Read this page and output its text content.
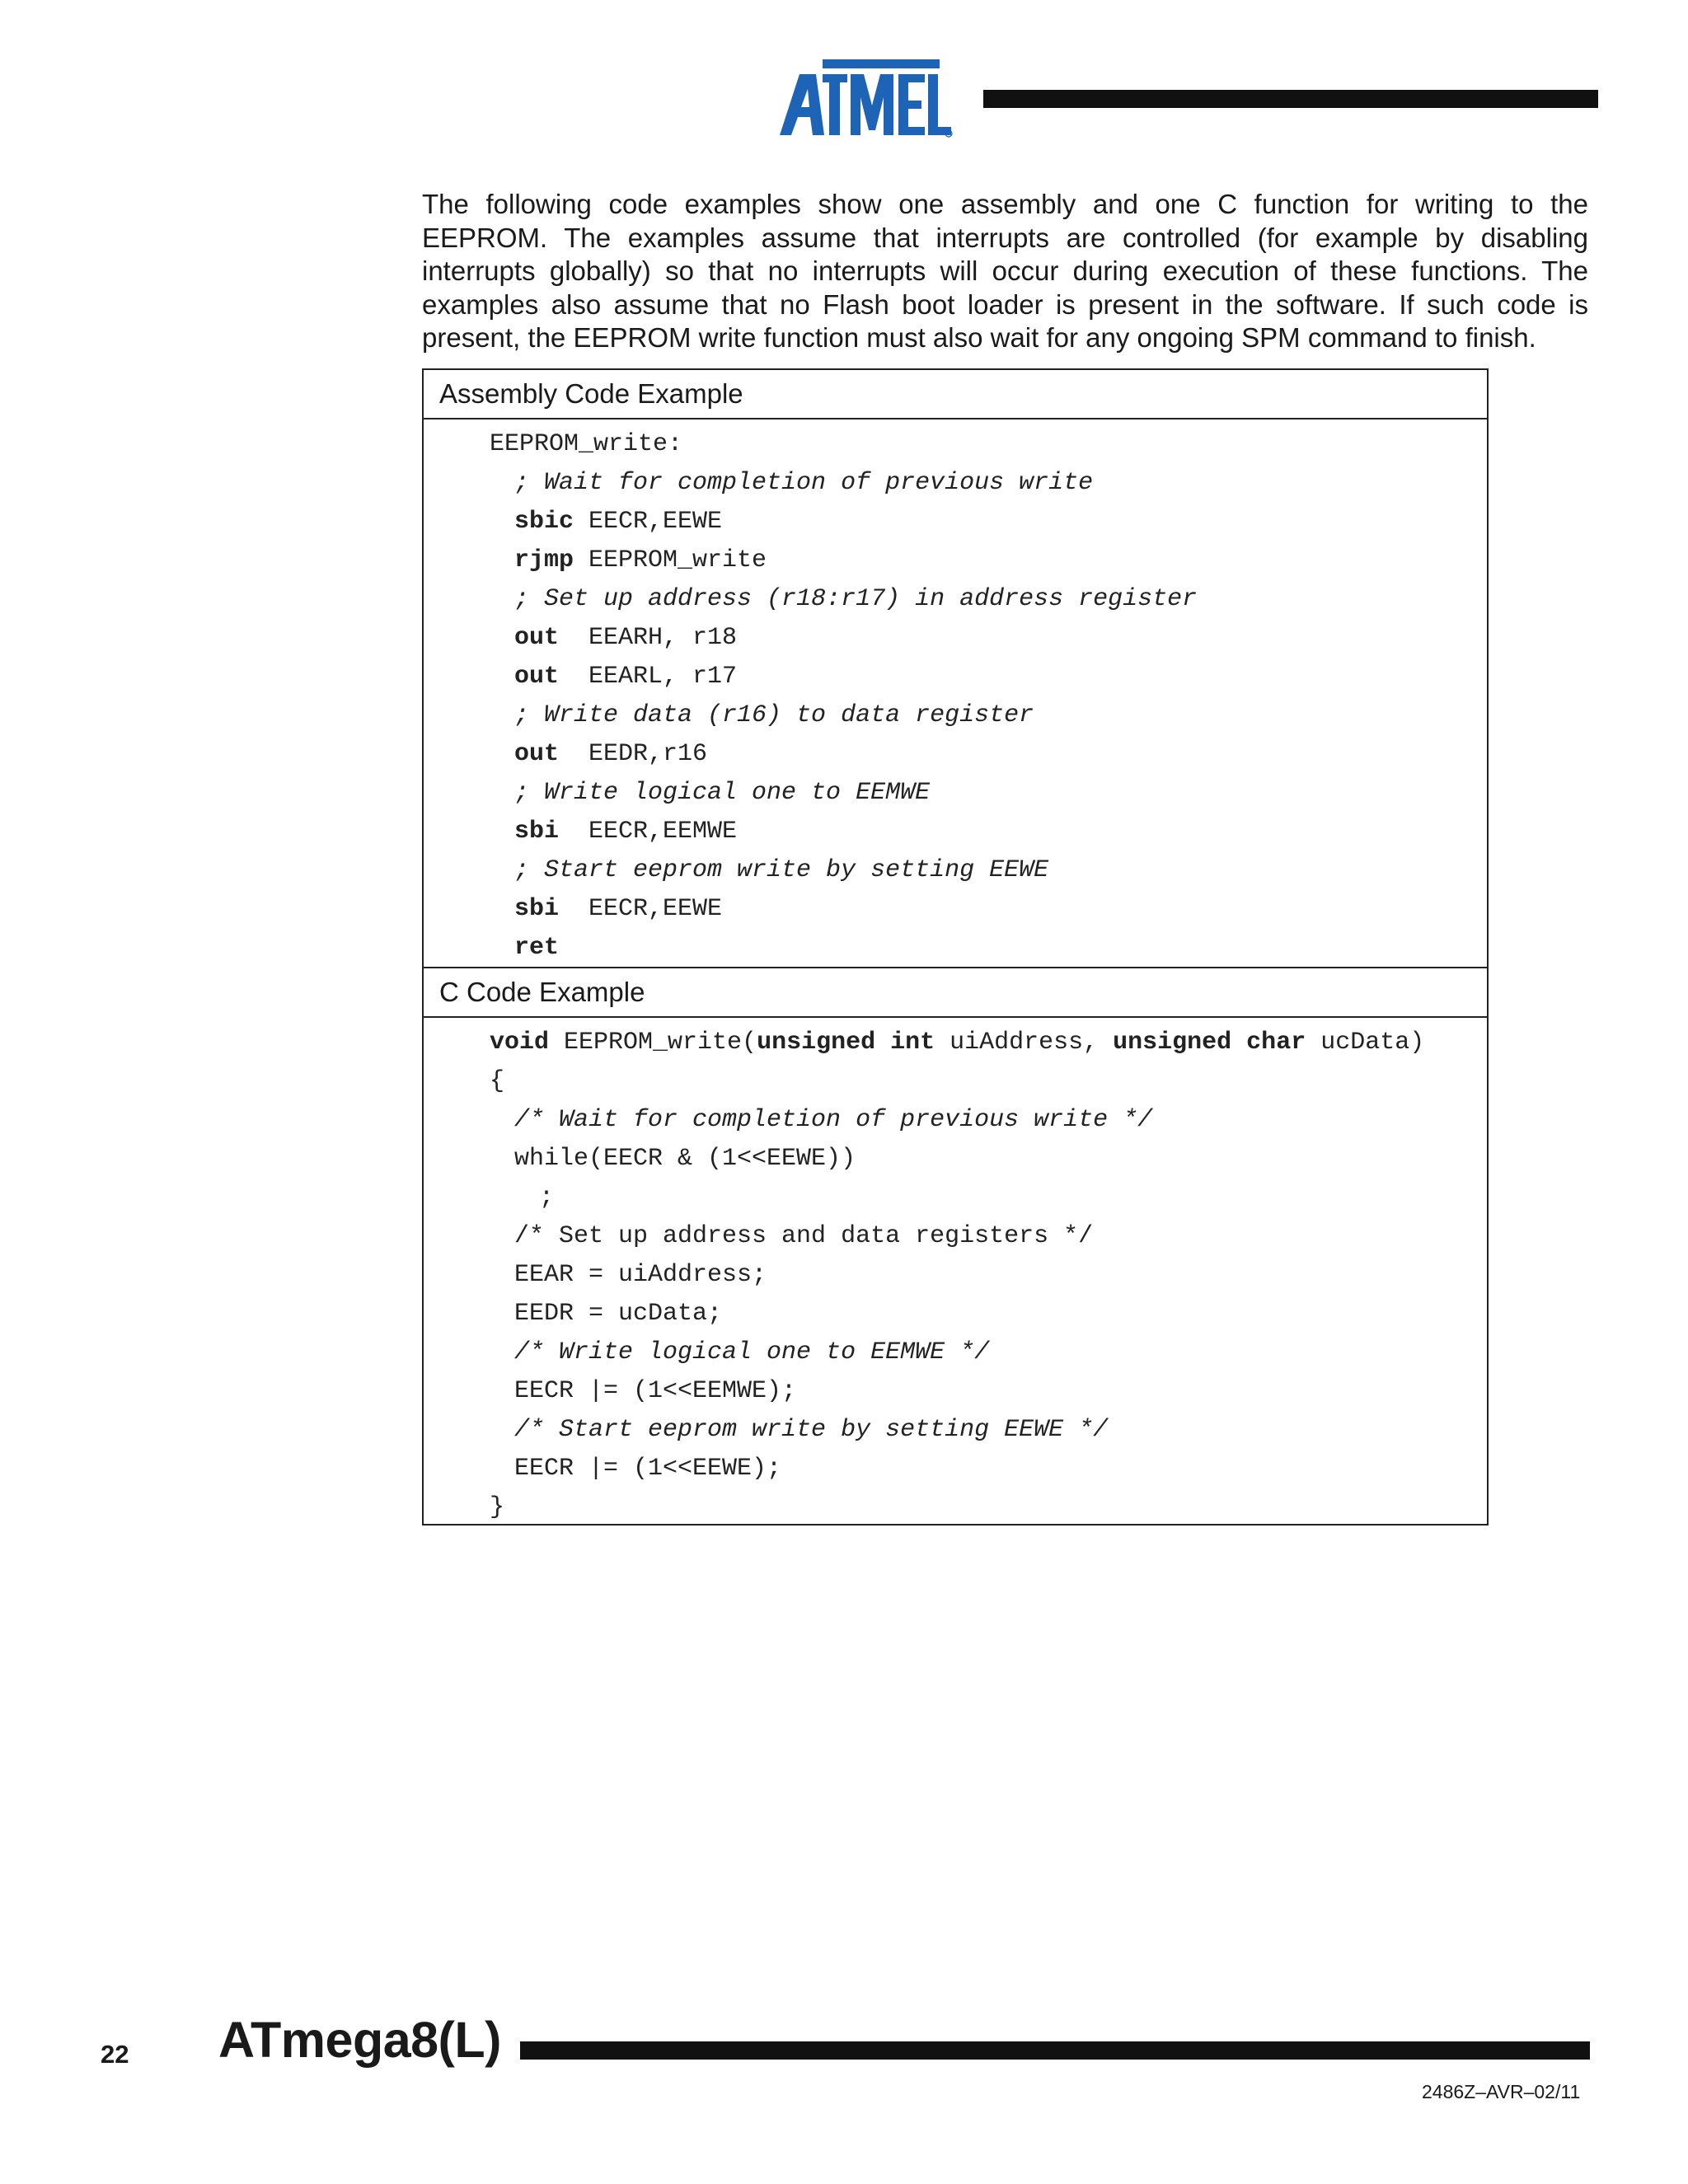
The following code examples show one assembly and one C function for writing to the EEPROM. The examples assume that interrupts are controlled (for example by disabling interrupts globally) so that no interrupts will occur during execution of these functions. The examples also assume that no Flash boot loader is present in the software. If such code is present, the EEPROM write function must also wait for any ongoing SPM command to finish.
Assembly Code Example
EEPROM_write:
; Wait for completion of previous write
sbic EECR,EEWE
rjmp EEPROM_write
; Set up address (r18:r17) in address register
out  EEARH, r18
out  EEARL, r17
; Write data (r16) to data register
out  EEDR,r16
; Write logical one to EEMWE
sbi  EECR,EEMWE
; Start eeprom write by setting EEWE
sbi  EECR,EEWE
ret
C Code Example
void EEPROM_write(unsigned int uiAddress, unsigned char ucData)
{
/* Wait for completion of previous write */
while(EECR & (1<<EEWE))
;
/* Set up address and data registers */
EEAR = uiAddress;
EEDR = ucData;
/* Write logical one to EEMWE */
EECR |= (1<<EEMWE);
/* Start eeprom write by setting EEWE */
EECR |= (1<<EEWE);
}
22 ATmega8(L)
2486Z–AVR–02/11
